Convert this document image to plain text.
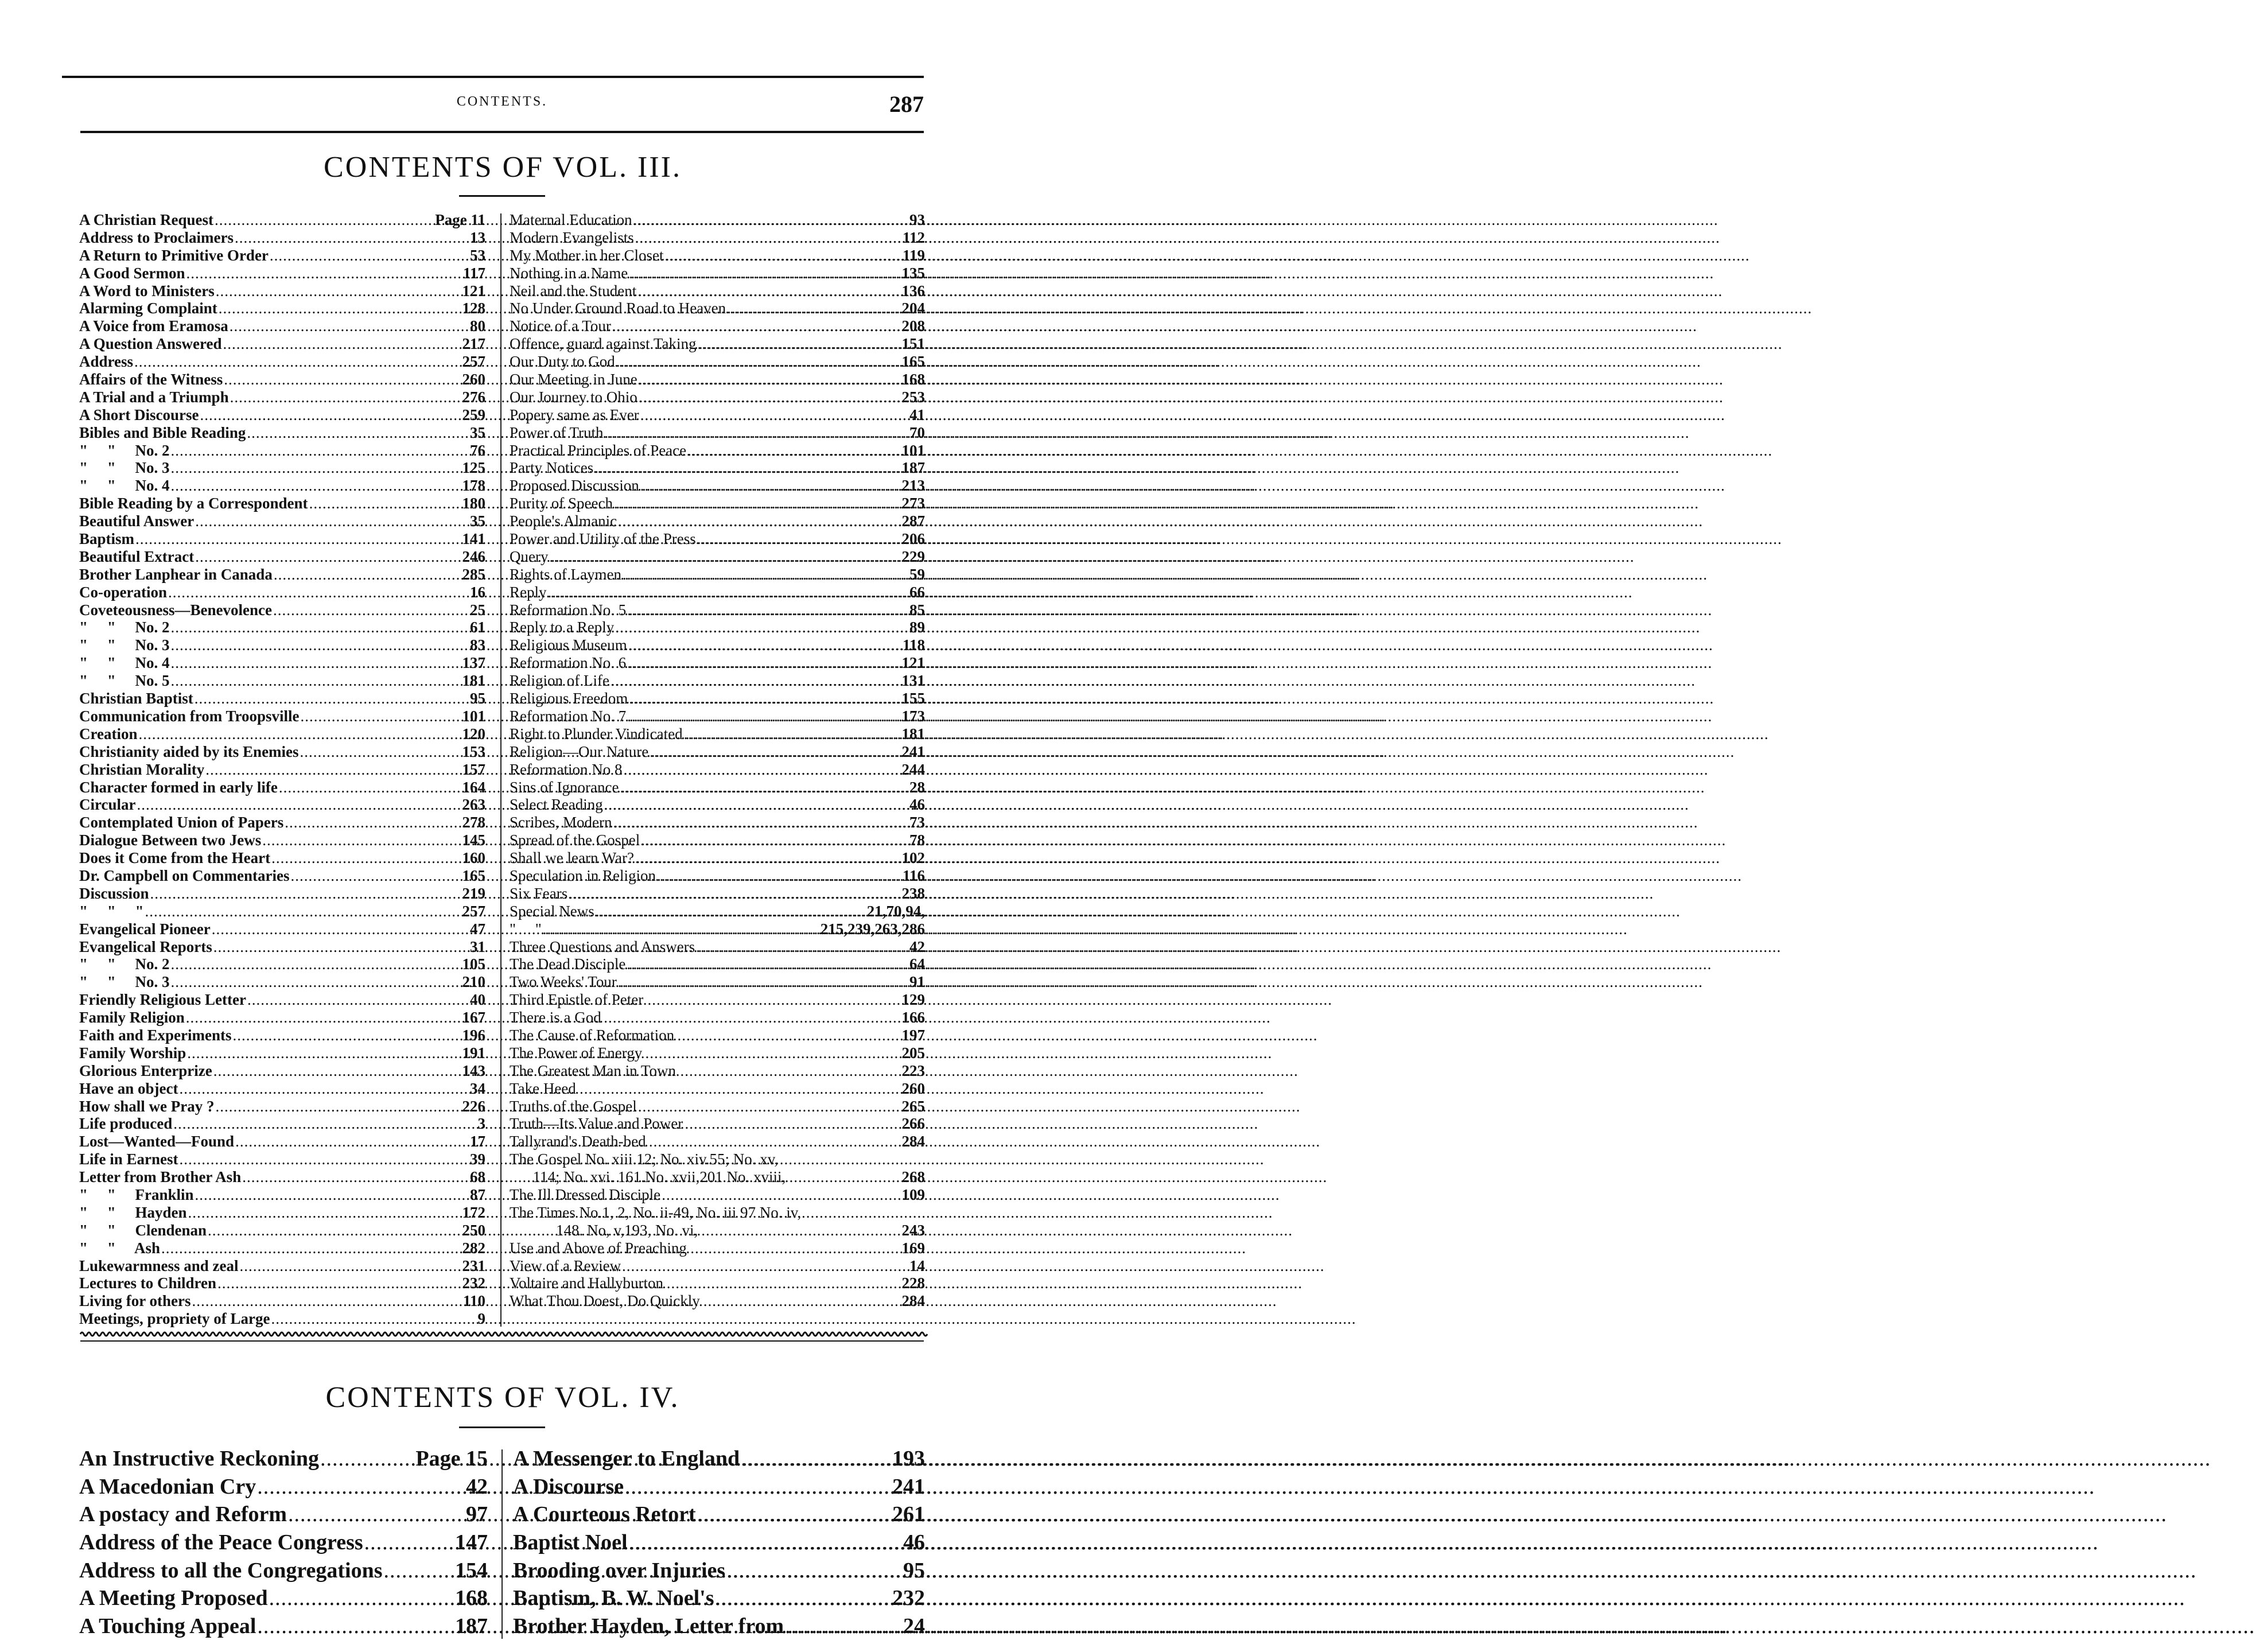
CONTENTS.	287
CONTENTS OF VOL. III.
A Christian Request .....	Page 11
Address to Proclaimers .....	13
A Return to Primitive Order .....	53
A Good Sermon .....	117
A Word to Ministers .....	121
Alarming Complaint .....	128
A Voice from Eramosa .....	80
A Question Answered .....	217
Address .....	257
Affairs of the Witness .....	260
A Trial and a Triumph .....	276
A Short Discourse .....	259
Bibles and Bible Reading .....	35
"     "     No. 2 .....	76
"     "     No. 3 .....	125
"     "     No. 4 .....	178
Bible Reading by a Correspondent .....	180
Beautiful Answer .....	35
Baptism .....	141
Beautiful Extract .....	246
Brother Lanphear in Canada .....	285
Co-operation .....	16
Coveteousness—Benevolence .....	25
"     "     No. 2 .....	61
"     "     No. 3 .....	83
"     "     No. 4 .....	137
"     "     No. 5 .....	181
Christian Baptist .....	95
Communication from Troopsville .....	101
Creation .....	120
Christianity aided by its Enemies .....	153
Christian Morality .....	157
Character formed in early life .....	164
Circular .....	263
Contemplated Union of Papers .....	278
Dialogue Between two Jews .....	145
Does it Come from the Heart .....	160
Dr. Campbell on Commentaries .....	165
Discussion .....	219
"     "     " .....	257
Evangelical Pioneer .....	47
Evangelical Reports .....	31
"     "     No. 2 .....	105
"     "     No. 3 .....	210
Friendly Religious Letter .....	40
Family Religion .....	167
Faith and Experiments .....	196
Family Worship .....	191
Glorious Enterprize .....	143
Have an object .....	34
How shall we Pray ? .....	226
Life produced .....	3
Lost—Wanted—Found .....	17
Life in Earnest .....	39
Letter from Brother Ash .....	68
"     "     Franklin .....	87
"     "     Hayden .....	172
"     "     Clendenan .....	250
"     "     Ash .....	282
Lukewarmness and zeal .....	231
Lectures to Children .....	232
Living for others .....	110
Meetings, propriety of Large .....	9
Maternal Education .....	93
Modern Evangelists .....	112
My Mother in her Closet .....	119
Nothing in a Name .....	135
Neil and the Student .....	136
No Under Ground Road to Heaven .....	204
Notice of a Tour .....	208
Offence, guard against Taking .....	151
Our Duty to God .....	165
Our Meeting in June .....	168
Our Journey to Ohio .....	253
Popery same as Ever .....	41
Power of Truth .....	70
Practical Principles of Peace .....	101
Party Notices .....	187
Proposed Discussion .....	213
Purity of Speech .....	273
People's Almanic .....	287
Power and Utility of the Press .....	206
Query .....	229
Rights of Laymen .....	59
Reply .....	66
Reformation No. 5 .....	85
Reply to a Reply .....	89
Religious Museum .....	118
Reformation No. 6 .....	121
Religion of Life .....	131
Religious Freedom .....	155
Reformation No. 7 .....	173
Right to Plunder Vindicated .....	181
Religion—Our Nature .....	241
Reformation No 8 .....	244
Sins of Ignorance .....	28
Select Reading .....	46
Scribes, Modern .....	73
Spread of the Gospel .....	78
Shall we learn War? .....	102
Speculation in Religion .....	116
Six Fears .....	238
Special News .....	21,70,94,
"     " .....	215,239,263,286
Three Questions and Answers .....	42
The Dead Disciple .....	64
Two Weeks' Tour .....	91
Third Epistle of Peter	129
There is a God	166
The Cause of Reformation	197
The Power of Energy	205
The Greatest Man in Town	223
Take Heed	260
Truths of the Gospel	265
Truth—Its Value and Power	266
Tallyrand's Death-bed	284
The Gospel No. xiii.12; No. xiv.55; No. xv,
114; No. xvi. 161.No. xvii,201 No. xviii,	268
The Ill Dressed Disciple	109
The Times No.1, 2, No. ii-49, No. iii 97 No. iv,
148. No, v,193, No. vi,	243
Use and Above of Preaching	169
View of a Review	14
Voltaire and Hallyburton	228
What Thou Doest, Do Quickly	284
CONTENTS OF VOL. IV.
An Instructive Reckoning .....	Page 15
A Macedonian Cry .....	42
A postacy and Reform .....	97
Address of the Peace Congress .....	147
Address to all the Congregations .....	154
A Meeting Proposed .....	168
A Touching Appeal .....	187
A Messenger to England .....	193
A Discourse .....	241
A Courteous Retort .....	261
Baptist Noel .....	46
Brooding over Injuries .....	95
Baptism, B. W. Noel's .....	232
Brother Hayden, Letter from .....	24
